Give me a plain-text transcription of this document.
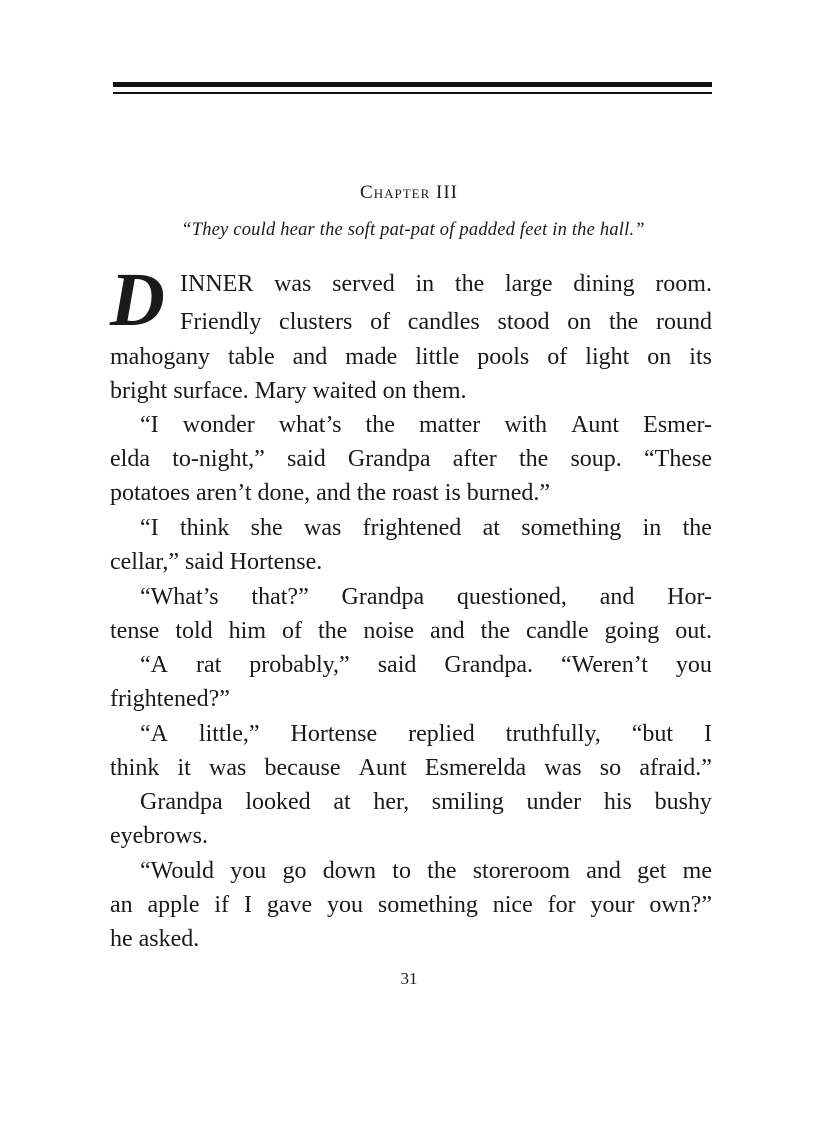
Chapter III
“They could hear the soft pat-pat of padded feet in the hall.”
D INNER was served in the large dining room.
Friendly clusters of candles stood on the round
mahogany table and made little pools of light on its
bright surface. Mary waited on them.
“I wonder what’s the matter with Aunt Esmer-
elda to-night,” said Grandpa after the soup. “These
potatoes aren’t done, and the roast is burned.”
“I think she was frightened at something in the
cellar,” said Hortense.
“What’s that?” Grandpa questioned, and Hor-
tense told him of the noise and the candle going out.
“A rat probably,” said Grandpa. “Weren’t you
frightened?”
“A little,” Hortense replied truthfully, “but I
think it was because Aunt Esmerelda was so afraid.”
Grandpa looked at her, smiling under his bushy
eyebrows.
“Would you go down to the storeroom and get me
an apple if I gave you something nice for your own?”
he asked.
31
